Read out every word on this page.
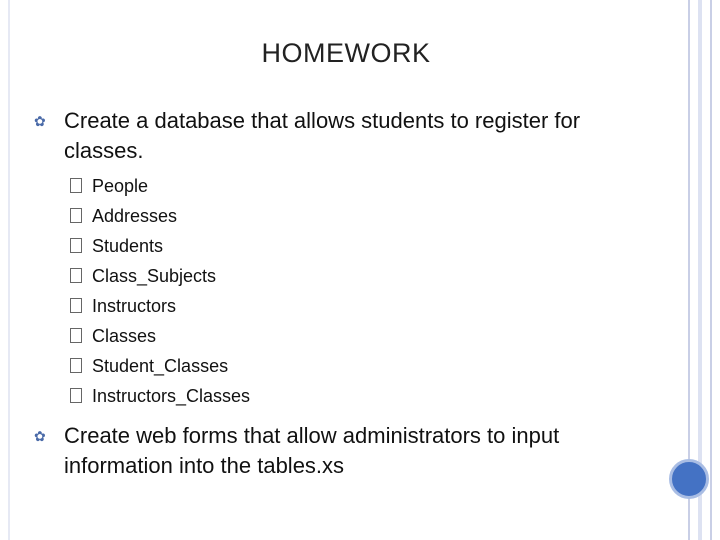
HOMEWORK
✿ Create a database that allows students to register for classes.
People
Addresses
Students
Class_Subjects
Instructors
Classes
Student_Classes
Instructors_Classes
✿ Create web forms that allow administrators to input information into the tables.xs
